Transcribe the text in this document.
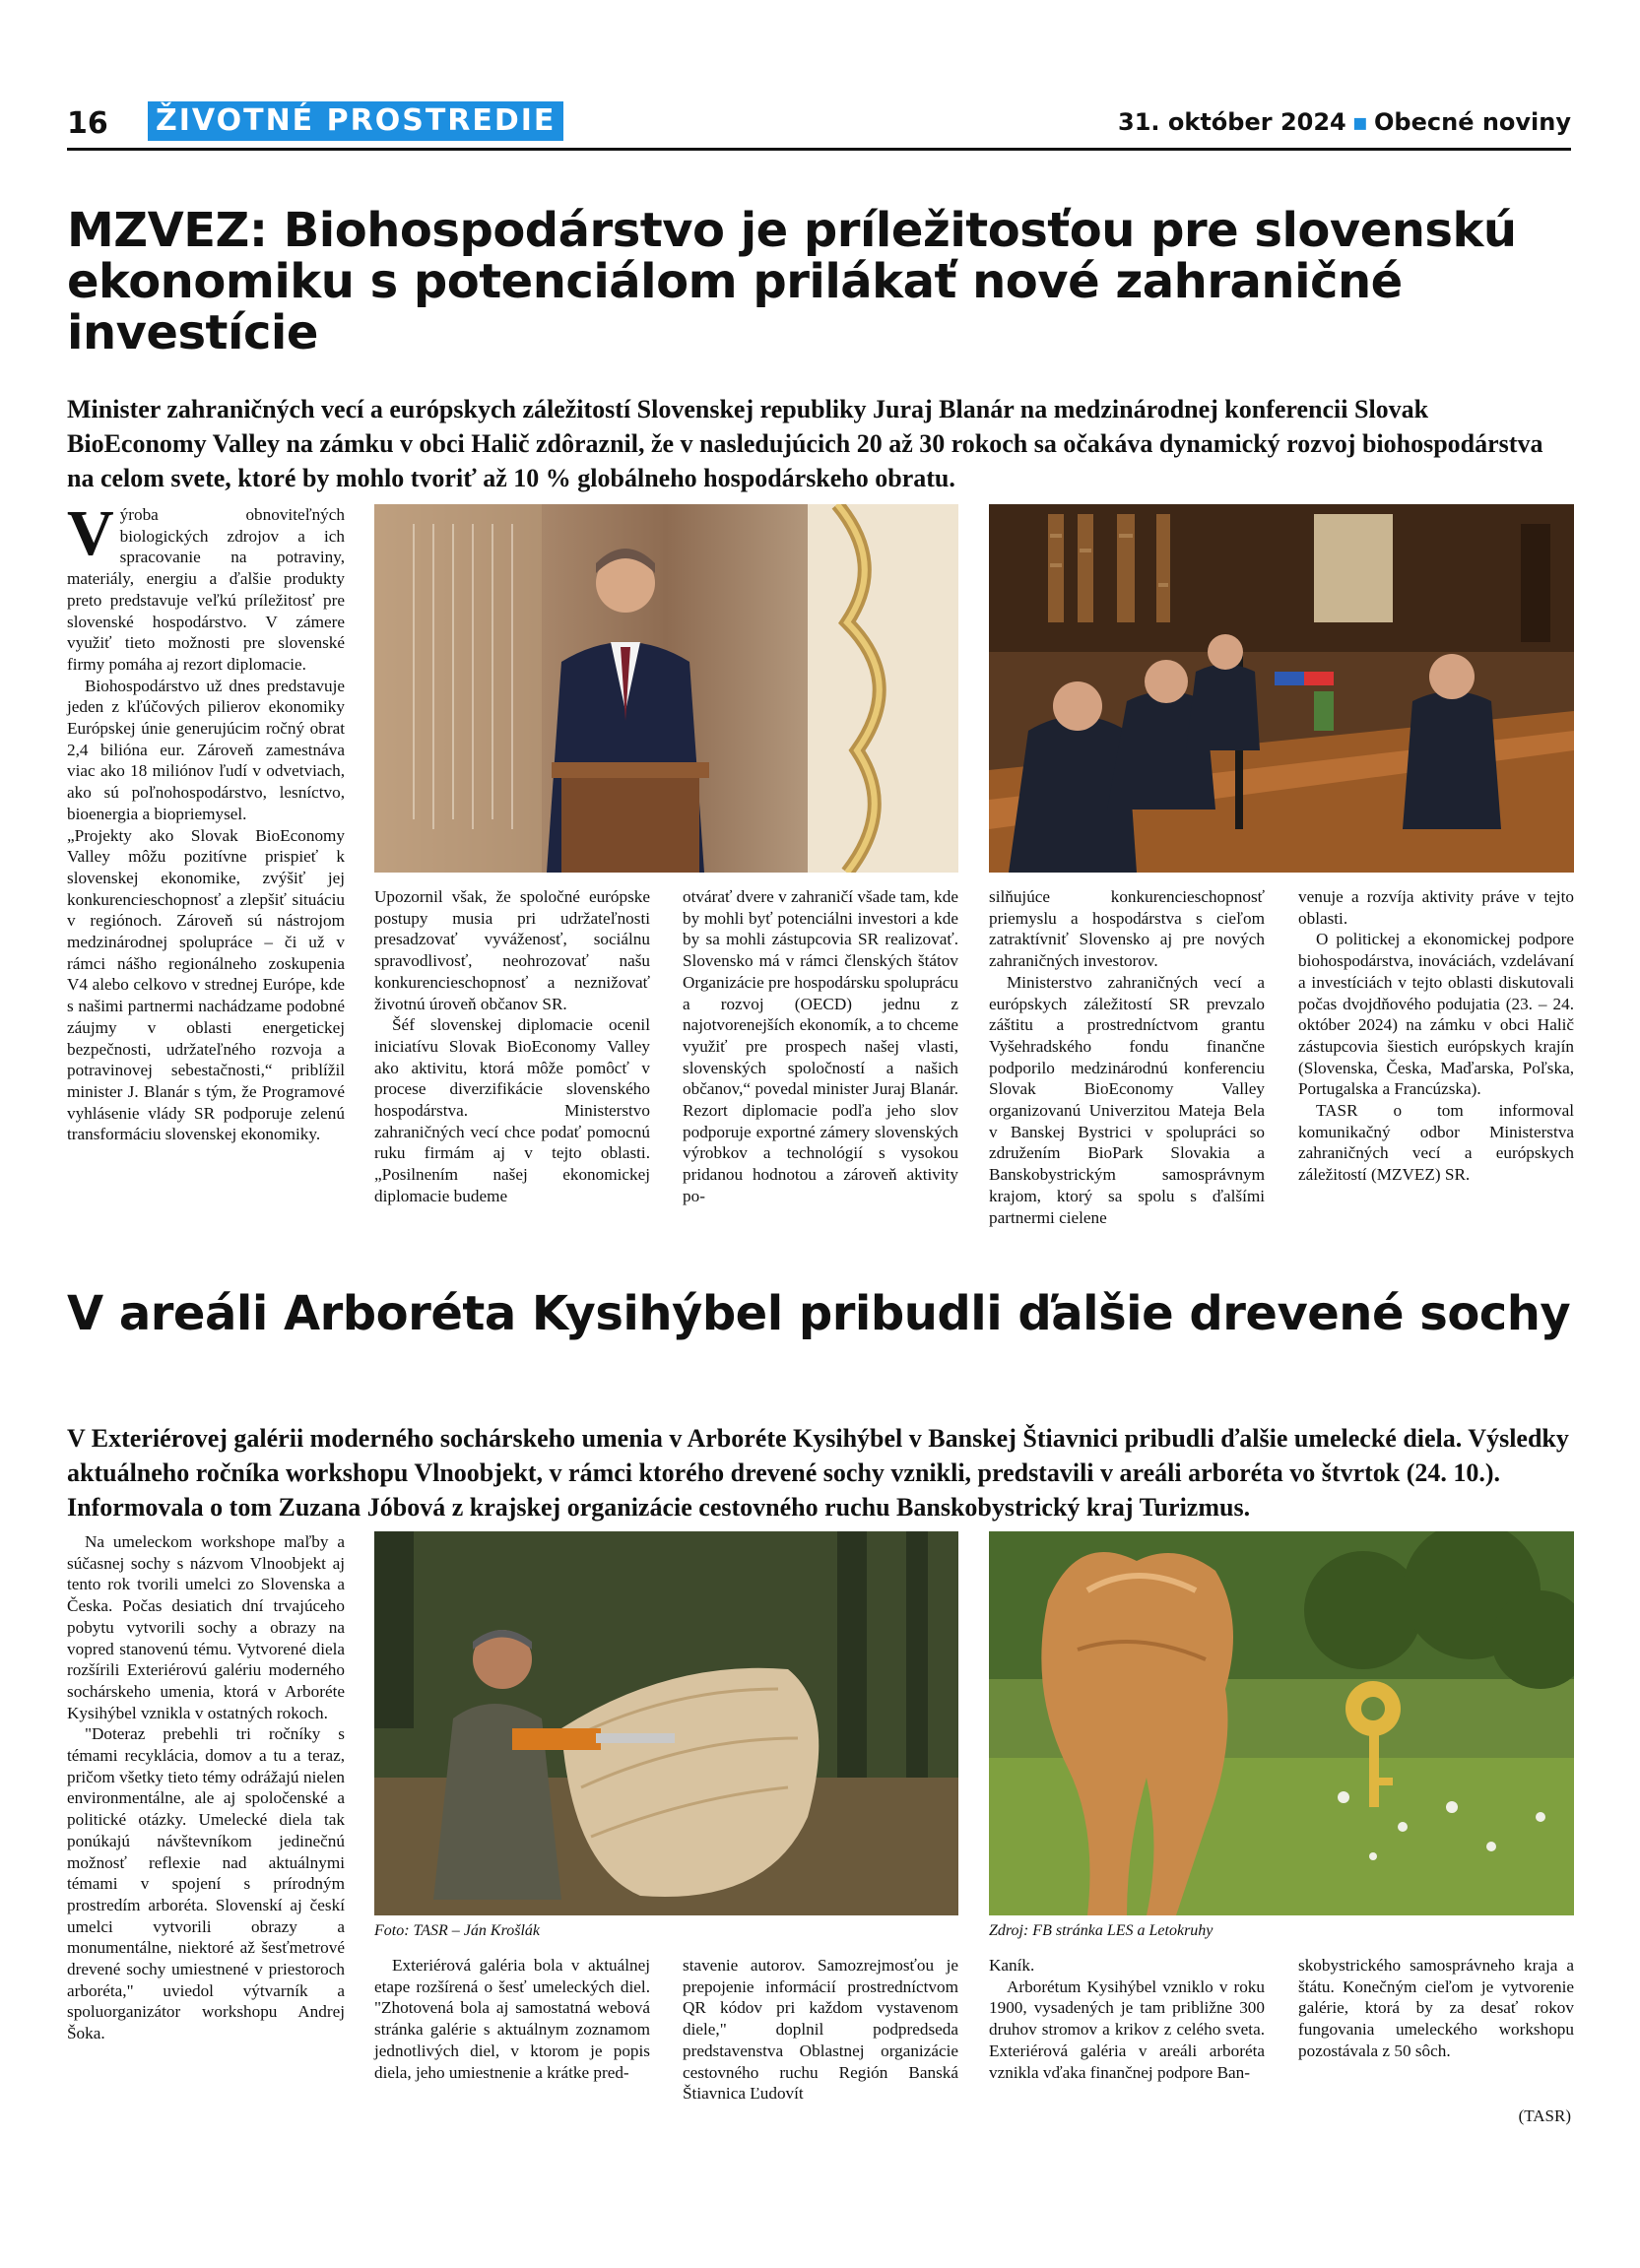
16 ŽIVOTNÉ PROSTREDIE	31. október 2024 ▪ Obecné noviny
MZVEZ: Biohospodárstvo je príležitosťou pre slovenskú ekonomiku s potenciálom prilákať nové zahraničné investície
Minister zahraničných vecí a európskych záležitostí Slovenskej republiky Juraj Blanár na medzinárodnej konferencii Slovak BioEconomy Valley na zámku v obci Halič zdôraznil, že v nasledujúcich 20 až 30 rokoch sa očakáva dynamický rozvoj biohospodárstva na celom svete, ktoré by mohlo tvoriť až 10 % globálneho hospodárskeho obratu.

Výroba obnoviteľných biologických zdrojov a ich spracovanie na potraviny, materiály, energiu a ďalšie produkty preto predstavuje veľkú príležitosť pre slovenské hospodárstvo. V zámere využiť tieto možnosti pre slovenské firmy pomáha aj rezort diplomacie.

Biohospodárstvo už dnes predstavuje jeden z kľúčových pilierov ekonomiky Európskej únie generujúcim ročný obrat 2,4 bilióna eur. Zároveň zamestnáva viac ako 18 miliónov ľudí v odvetviach, ako sú poľnohospodárstvo, lesníctvo, bioenergia a biopriemysel.

„Projekty ako Slovak BioEconomy Valley môžu pozitívne prispieť k slovenskej ekonomike, zvýšiť jej konkurencieschopnosť a zlepšiť situáciu v regiónoch. Zároveň sú nástrojom medzinárodnej spolupráce – či už v rámci nášho regionálneho zoskupenia V4 alebo celkovo v strednej Európe, kde s našimi partnermi nachádzame podobné záujmy v oblasti energetickej bezpečnosti, udržateľného rozvoja a potravinovej sebestačnosti,“ priblížil minister J. Blanár s tým, že Programové vyhlásenie vlády SR podporuje zelenú transformáciu slovenskej ekonomiky.

Upozornil však, že spoločné európske postupy musia pri udržateľnosti presadzovať vyváženosť, sociálnu spravodlivosť, neohrozovať našu konkurencieschopnosť a neznižovať životnú úroveň občanov SR.

Šéf slovenskej diplomacie ocenil iniciatívu Slovak BioEconomy Valley ako aktivitu, ktorá môže pomôcť v procese diverzifikácie slovenského hospodárstva. Ministerstvo zahraničných vecí chce podať pomocnú ruku firmám aj v tejto oblasti. „Posilnením našej ekonomickej diplomacie budeme

otvárať dvere v zahraničí všade tam, kde by mohli byť potenciálni investori a kde by sa mohli zástupcovia SR realizovať. Slovensko má v rámci členských štátov Organizácie pre hospodársku spoluprácu a rozvoj (OECD) jednu z najotvorenejších ekonomík, a to chceme využiť pre prospech našej vlasti, slovenských spoločností a našich občanov,“ povedal minister Juraj Blanár. Rezort diplomacie podľa jeho slov podporuje exportné zámery slovenských výrobkov a technológií s vysokou pridanou hodnotou a zároveň aktivity po-

silňujúce konkurencieschopnosť priemyslu a hospodárstva s cieľom zatraktívniť Slovensko aj pre nových zahraničných investorov.

Ministerstvo zahraničných vecí a európskych záležitostí SR prevzalo záštitu a prostredníctvom grantu Vyšehradského fondu finančne podporilo medzinárodnú konferenciu Slovak BioEconomy Valley organizovanú Univerzitou Mateja Bela v Banskej Bystrici v spolupráci so združením BioPark Slovakia a Banskobystrickým samosprávnym krajom, ktorý sa spolu s ďalšími partnermi cielene

venuje a rozvíja aktivity práve v tejto oblasti.

O politickej a ekonomickej podpore biohospodárstva, inováciách, vzdelávaní a investíciách v tejto oblasti diskutovali počas dvojdňového podujatia (23. – 24. október 2024) na zámku v obci Halič zástupcovia šiestich európskych krajín (Slovenska, Česka, Maďarska, Poľska, Portugalska a Francúzska).

TASR o tom informoval komunikačný odbor Ministerstva zahraničných vecí a európskych záležitostí (MZVEZ) SR.

V areáli Arboréta Kysihýbel pribudli ďalšie drevené sochy
V Exteriérovej galérii moderného sochárskeho umenia v Arboréte Kysihýbel v Banskej Štiavnici pribudli ďalšie umelecké diela. Výsledky aktuálneho ročníka workshopu Vlnoobjekt, v rámci ktorého drevené sochy vznikli, predstavili v areáli arboréta vo štvrtok (24. 10.). Informovala o tom Zuzana Jóbová z krajskej organizácie cestovného ruchu Banskobystrický kraj Turizmus.

Na umeleckom workshope maľby a súčasnej sochy s názvom Vlnoobjekt aj tento rok tvorili umelci zo Slovenska a Česka. Počas desiatich dní trvajúceho pobytu vytvorili sochy a obrazy na vopred stanovenú tému. Vytvorené diela rozšírili Exteriérovú galériu moderného sochárskeho umenia, ktorá v Arboréte Kysihýbel vznikla v ostatných rokoch.

"Doteraz prebehli tri ročníky s témami recyklácia, domov a tu a teraz, pričom všetky tieto témy odrážajú nielen environmentálne, ale aj spoločenské a politické otázky. Umelecké diela tak ponúkajú návštevníkom jedinečnú možnosť reflexie nad aktuálnymi témami v spojení s prírodným prostredím arboréta. Slovenskí aj českí umelci vytvorili obrazy a monumentálne, niektoré až šesťmetrové drevené sochy umiestnené v priestoroch arboréta," uviedol výtvarník a spoluorganizátor workshopu Andrej Šoka.

Foto: TASR – Ján Krošlák	Zdroj: FB stránka LES a Letokruhy

Exteriérová galéria bola v aktuálnej etape rozšírená o šesť umeleckých diel. "Zhotovená bola aj samostatná webová stránka galérie s aktuálnym zoznamom jednotlivých diel, v ktorom je popis diela, jeho umiestnenie a krátke pred-

stavenie autorov. Samozrejmosťou je prepojenie informácií prostredníctvom QR kódov pri každom vystavenom diele," doplnil podpredseda predstavenstva Oblastnej organizácie cestovného ruchu Región Banská Štiavnica Ľudovít

Kaník.

Arborétum Kysihýbel vzniklo v roku 1900, vysadených je tam približne 300 druhov stromov a krikov z celého sveta. Exteriérová galéria v areáli arboréta vznikla vďaka finančnej podpore Ban-

skobystrického samosprávneho kraja a štátu. Konečným cieľom je vytvorenie galérie, ktorá by za desať rokov fungovania umeleckého workshopu pozostávala z 50 sôch.

(TASR)
